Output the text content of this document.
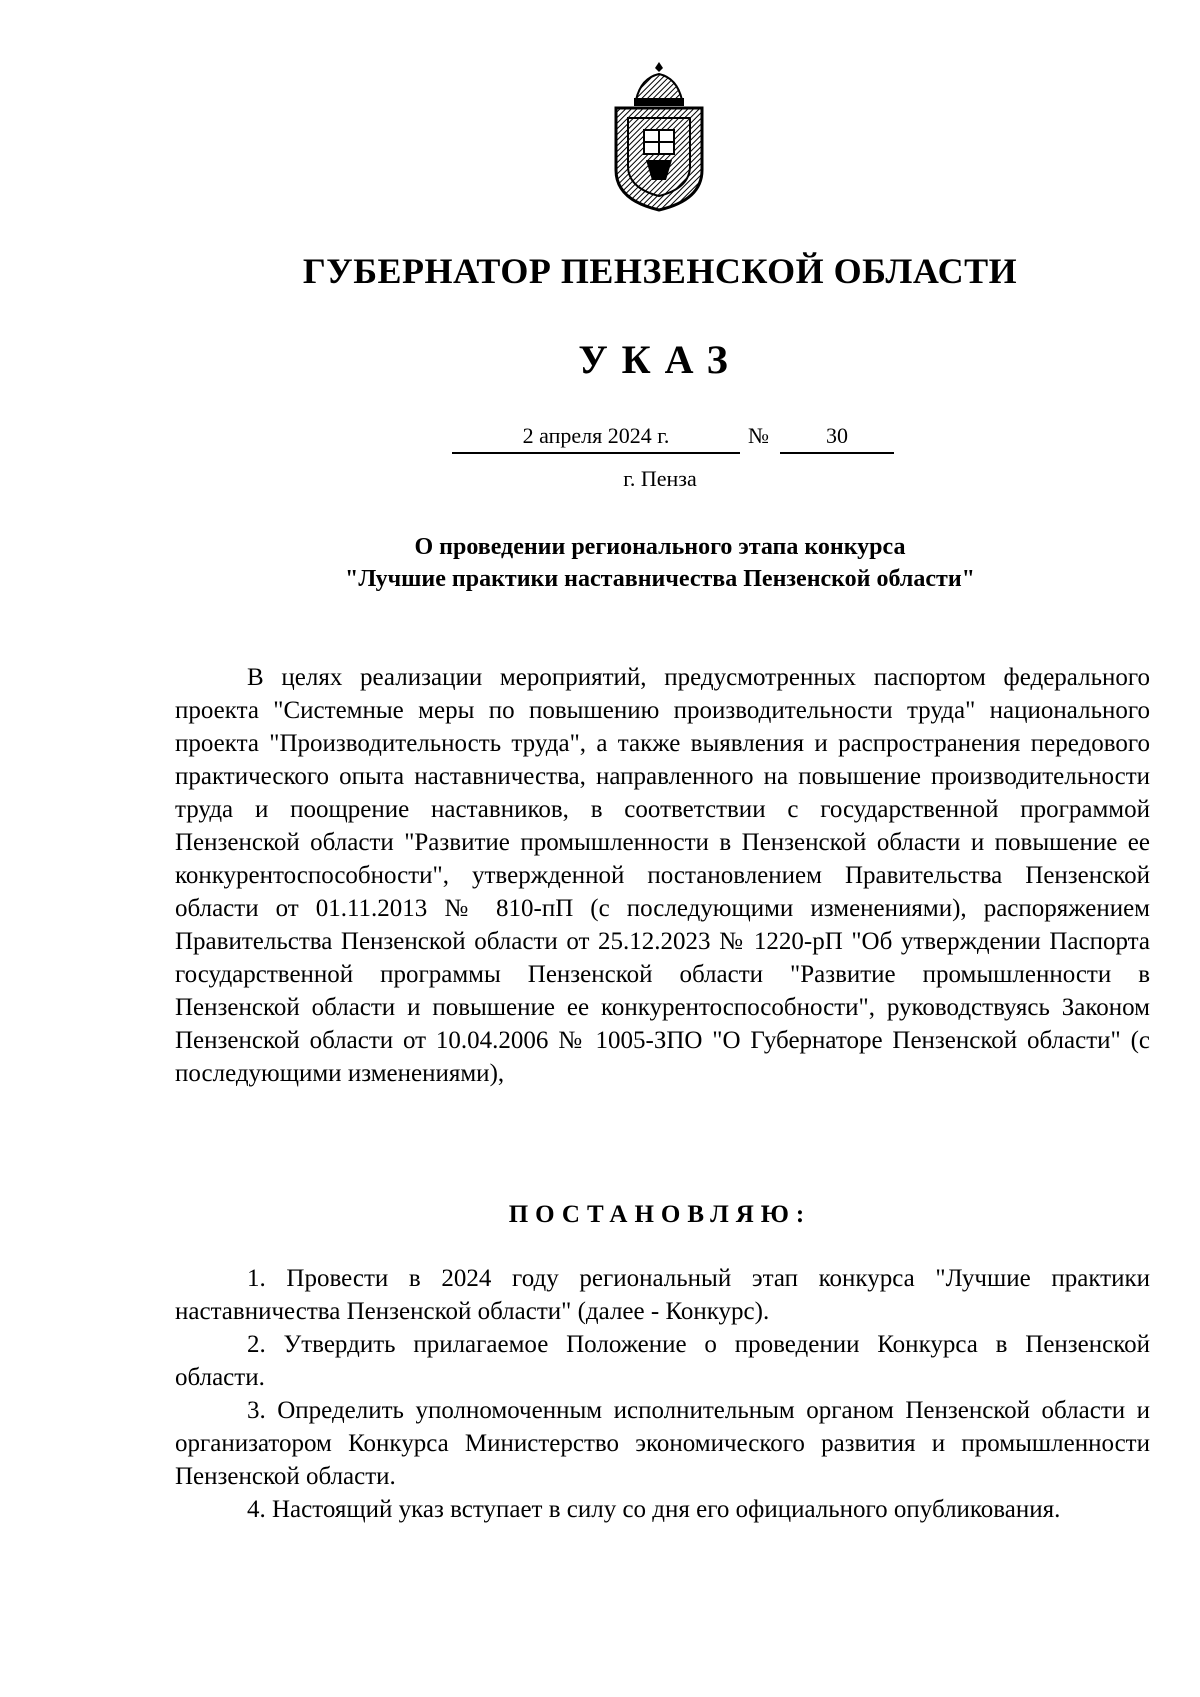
ГУБЕРНАТОР ПЕНЗЕНСКОЙ ОБЛАСТИ
УКАЗ
2 апреля 2024 г.	№	30
г. Пенза
О проведении регионального этапа конкурса
"Лучшие практики наставничества Пензенской области"
В целях реализации мероприятий, предусмотренных паспортом федерального проекта "Системные меры по повышению производительности труда" национального проекта "Производительность труда", а также выявления и распространения передового практического опыта наставничества, направленного на повышение производительности труда и поощрение наставников, в соответствии с государственной программой Пензенской области "Развитие промышленности в Пензенской области и повышение ее конкурентоспособности", утвержденной постановлением Правительства Пензенской области от 01.11.2013 № 810-пП (с последующими изменениями), распоряжением Правительства Пензенской области от 25.12.2023 № 1220-рП "Об утверждении Паспорта государственной программы Пензенской области "Развитие промышленности в Пензенской области и повышение ее конкурентоспособности", руководствуясь Законом Пензенской области от 10.04.2006 № 1005-ЗПО "О Губернаторе Пензенской области" (с последующими изменениями),
ПОСТАНОВЛЯЮ:

1. Провести в 2024 году региональный этап конкурса "Лучшие практики наставничества Пензенской области" (далее - Конкурс).

2. Утвердить прилагаемое Положение о проведении Конкурса в Пензенской области.

3. Определить уполномоченным исполнительным органом Пензенской области и организатором Конкурса Министерство экономического развития и промышленности Пензенской области.

4. Настоящий указ вступает в силу со дня его официального опубликования.
